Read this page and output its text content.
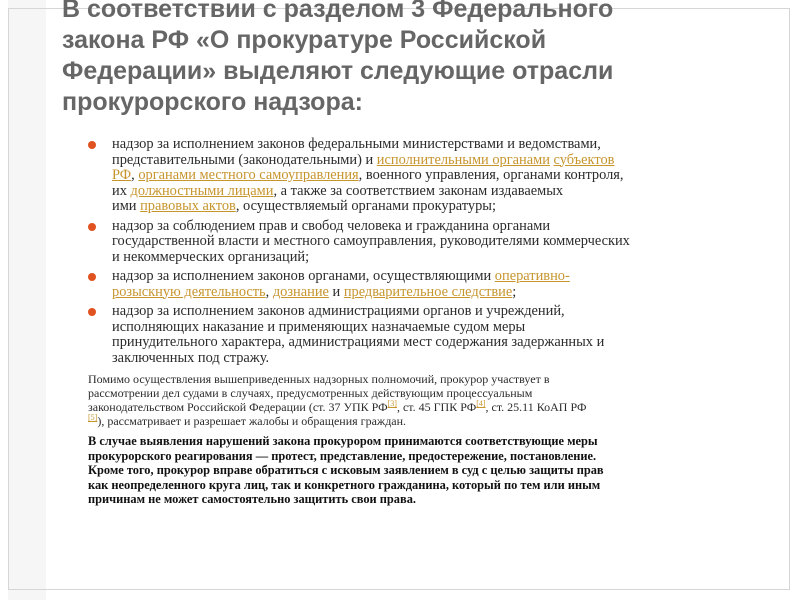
В соответствии с разделом 3 Федерального
закона РФ «О прокуратуре Российской
Федерации» выделяют следующие отрасли
прокурорского надзора:
надзор за исполнением законов федеральными министерствами и ведомствами,
представительными (законодательными) и исполнительными органами субъектов
РФ, органами местного самоуправления, военного управления, органами контроля,
их должностными лицами, а также за соответствием законам издаваемых
ими правовых актов, осуществляемый органами прокуратуры;
надзор за соблюдением прав и свобод человека и гражданина органами
государственной власти и местного самоуправления, руководителями коммерческих
и некоммерческих организаций;
надзор за исполнением законов органами, осуществляющими оперативно-
розыскную деятельность, дознание и предварительное следствие;
надзор за исполнением законов администрациями органов и учреждений,
исполняющих наказание и применяющих назначаемые судом меры
принудительного характера, администрациями мест содержания задержанных и
заключенных под стражу.

Помимо осуществления вышеприведенных надзорных полномочий, прокурор участвует в
рассмотрении дел судами в случаях, предусмотренных действующим процессуальным
законодательством Российской Федерации (ст. 37 УПК РФ[3], ст. 45 ГПК РФ[4], ст. 25.11 КоАП РФ
[5]), рассматривает и разрешает жалобы и обращения граждан.

В случае выявления нарушений закона прокурором принимаются соответствующие меры
прокурорского реагирования — протест, представление, предостережение, постановление.
Кроме того, прокурор вправе обратиться с исковым заявлением в суд с целью защиты прав
как неопределенного круга лиц, так и конкретного гражданина, который по тем или иным
причинам не может самостоятельно защитить свои права.
